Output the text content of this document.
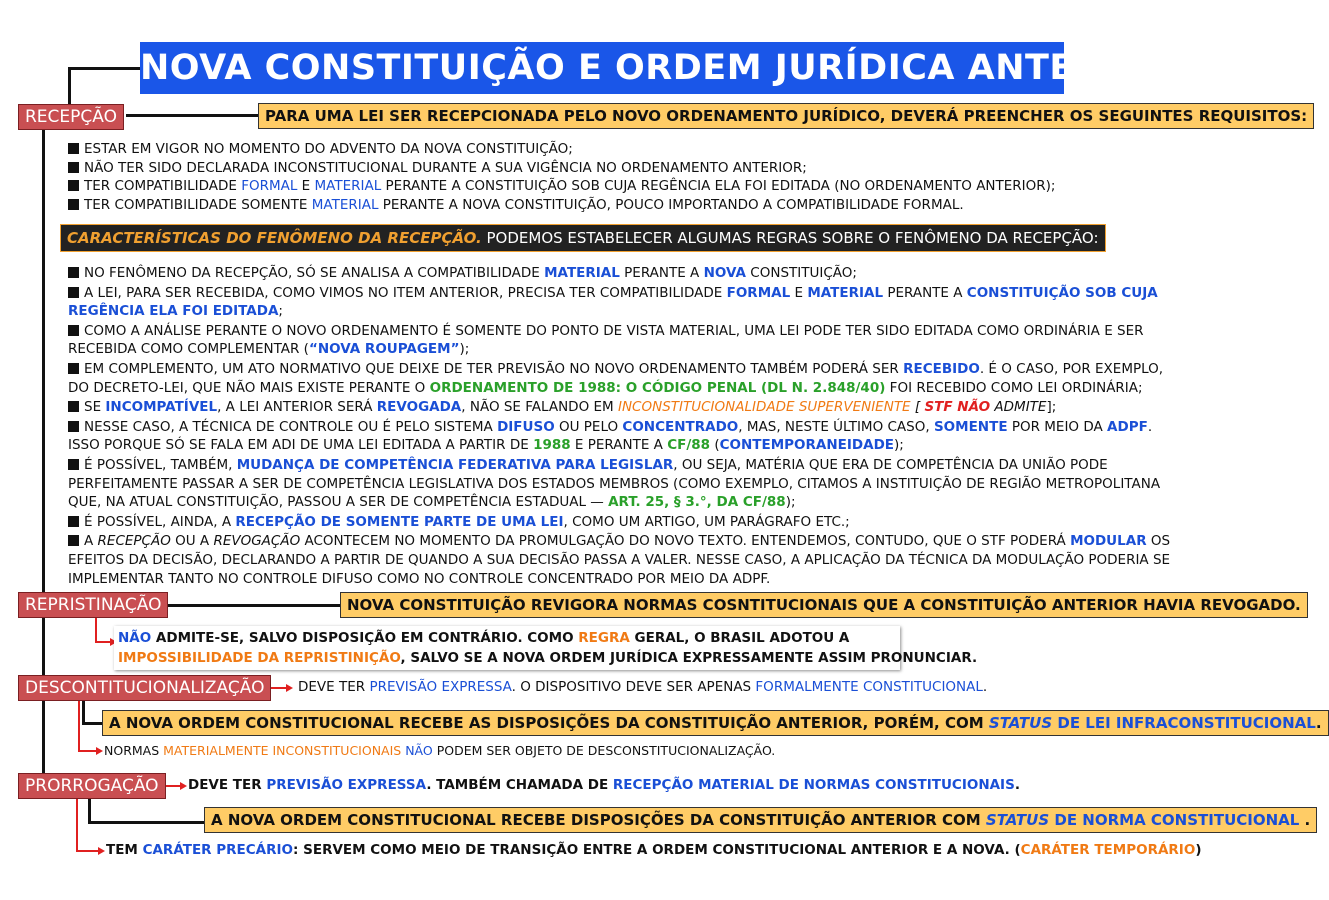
NOVA CONSTITUIÇÃO E ORDEM JURÍDICA ANTERIOR
RECEPÇÃO	PARA UMA LEI SER RECEPCIONADA PELO NOVO ORDENAMENTO JURÍDICO, DEVERÁ PREENCHER OS SEGUINTES REQUISITOS:
ESTAR EM VIGOR NO MOMENTO DO ADVENTO DA NOVA CONSTITUIÇÃO;
NÃO TER SIDO DECLARADA INCONSTITUCIONAL DURANTE A SUA VIGÊNCIA NO ORDENAMENTO ANTERIOR;
TER COMPATIBILIDADE FORMAL E MATERIAL PERANTE A CONSTITUIÇÃO SOB CUJA REGÊNCIA ELA FOI EDITADA (NO ORDENAMENTO ANTERIOR);
TER COMPATIBILIDADE SOMENTE MATERIAL PERANTE A NOVA CONSTITUIÇÃO, POUCO IMPORTANDO A COMPATIBILIDADE FORMAL.
CARACTERÍSTICAS DO FENÔMENO DA RECEPÇÃO. PODEMOS ESTABELECER ALGUMAS REGRAS SOBRE O FENÔMENO DA RECEPÇÃO:
NO FENÔMENO DA RECEPÇÃO, SÓ SE ANALISA A COMPATIBILIDADE MATERIAL PERANTE A NOVA CONSTITUIÇÃO;
A LEI, PARA SER RECEBIDA, COMO VIMOS NO ITEM ANTERIOR, PRECISA TER COMPATIBILIDADE FORMAL E MATERIAL PERANTE A CONSTITUIÇÃO SOB CUJA REGÊNCIA ELA FOI EDITADA;
COMO A ANÁLISE PERANTE O NOVO ORDENAMENTO É SOMENTE DO PONTO DE VISTA MATERIAL, UMA LEI PODE TER SIDO EDITADA COMO ORDINÁRIA E SER RECEBIDA COMO COMPLEMENTAR (“NOVA ROUPAGEM”);
EM COMPLEMENTO, UM ATO NORMATIVO QUE DEIXE DE TER PREVISÃO NO NOVO ORDENAMENTO TAMBÉM PODERÁ SER RECEBIDO. É O CASO, POR EXEMPLO, DO DECRETO-LEI, QUE NÃO MAIS EXISTE PERANTE O ORDENAMENTO DE 1988: O CÓDIGO PENAL (DL N. 2.848/40) FOI RECEBIDO COMO LEI ORDINÁRIA;
SE INCOMPATÍVEL, A LEI ANTERIOR SERÁ REVOGADA, NÃO SE FALANDO EM INCONSTITUCIONALIDADE SUPERVENIENTE [ STF NÃO ADMITE];
NESSE CASO, A TÉCNICA DE CONTROLE OU É PELO SISTEMA DIFUSO OU PELO CONCENTRADO, MAS, NESTE ÚLTIMO CASO, SOMENTE POR MEIO DA ADPF. ISSO PORQUE SÓ SE FALA EM ADI DE UMA LEI EDITADA A PARTIR DE 1988 E PERANTE A CF/88 (CONTEMPORANEIDADE);
É POSSÍVEL, TAMBÉM, MUDANÇA DE COMPETÊNCIA FEDERATIVA PARA LEGISLAR, OU SEJA, MATÉRIA QUE ERA DE COMPETÊNCIA DA UNIÃO PODE PERFEITAMENTE PASSAR A SER DE COMPETÊNCIA LEGISLATIVA DOS ESTADOS MEMBROS (COMO EXEMPLO, CITAMOS A INSTITUIÇÃO DE REGIÃO METROPOLITANA QUE, NA ATUAL CONSTITUIÇÃO, PASSOU A SER DE COMPETÊNCIA ESTADUAL — ART. 25, § 3.°, DA CF/88);
É POSSÍVEL, AINDA, A RECEPÇÃO DE SOMENTE PARTE DE UMA LEI, COMO UM ARTIGO, UM PARÁGRAFO ETC.;
A RECEPÇÃO OU A REVOGAÇÃO ACONTECEM NO MOMENTO DA PROMULGAÇÃO DO NOVO TEXTO. ENTENDEMOS, CONTUDO, QUE O STF PODERÁ MODULAR OS EFEITOS DA DECISÃO, DECLARANDO A PARTIR DE QUANDO A SUA DECISÃO PASSA A VALER. NESSE CASO, A APLICAÇÃO DA TÉCNICA DA MODULAÇÃO PODERIA SE IMPLEMENTAR TANTO NO CONTROLE DIFUSO COMO NO CONTROLE CONCENTRADO POR MEIO DA ADPF.
REPRISTINAÇÃO	NOVA CONSTITUIÇÃO REVIGORA NORMAS COSNTITUCIONAIS QUE A CONSTITUIÇÃO ANTERIOR HAVIA REVOGADO.
NÃO ADMITE-SE, SALVO DISPOSIÇÃO EM CONTRÁRIO. COMO REGRA GERAL, O BRASIL ADOTOU A
IMPOSSIBILIDADE DA REPRISTINIÇÃO, SALVO SE A NOVA ORDEM JURÍDICA EXPRESSAMENTE ASSIM PRONUNCIAR.
DESCONTITUCIONALIZAÇÃO	DEVE TER PREVISÃO EXPRESSA. O DISPOSITIVO DEVE SER APENAS FORMALMENTE CONSTITUCIONAL.
A NOVA ORDEM CONSTITUCIONAL RECEBE AS DISPOSIÇÕES DA CONSTITUIÇÃO ANTERIOR, PORÉM, COM STATUS DE LEI INFRACONSTITUCIONAL.
NORMAS MATERIALMENTE INCONSTITUCIONAIS NÃO PODEM SER OBJETO DE DESCONSTITUCIONALIZAÇÃO.
PRORROGAÇÃO	DEVE TER PREVISÃO EXPRESSA. TAMBÉM CHAMADA DE RECEPÇÃO MATERIAL DE NORMAS CONSTITUCIONAIS.
A NOVA ORDEM CONSTITUCIONAL RECEBE DISPOSIÇÕES DA CONSTITUIÇÃO ANTERIOR COM STATUS DE NORMA CONSTITUCIONAL .
TEM CARÁTER PRECÁRIO: SERVEM COMO MEIO DE TRANSIÇÃO ENTRE A ORDEM CONSTITUCIONAL ANTERIOR E A NOVA. (CARÁTER TEMPORÁRIO)
